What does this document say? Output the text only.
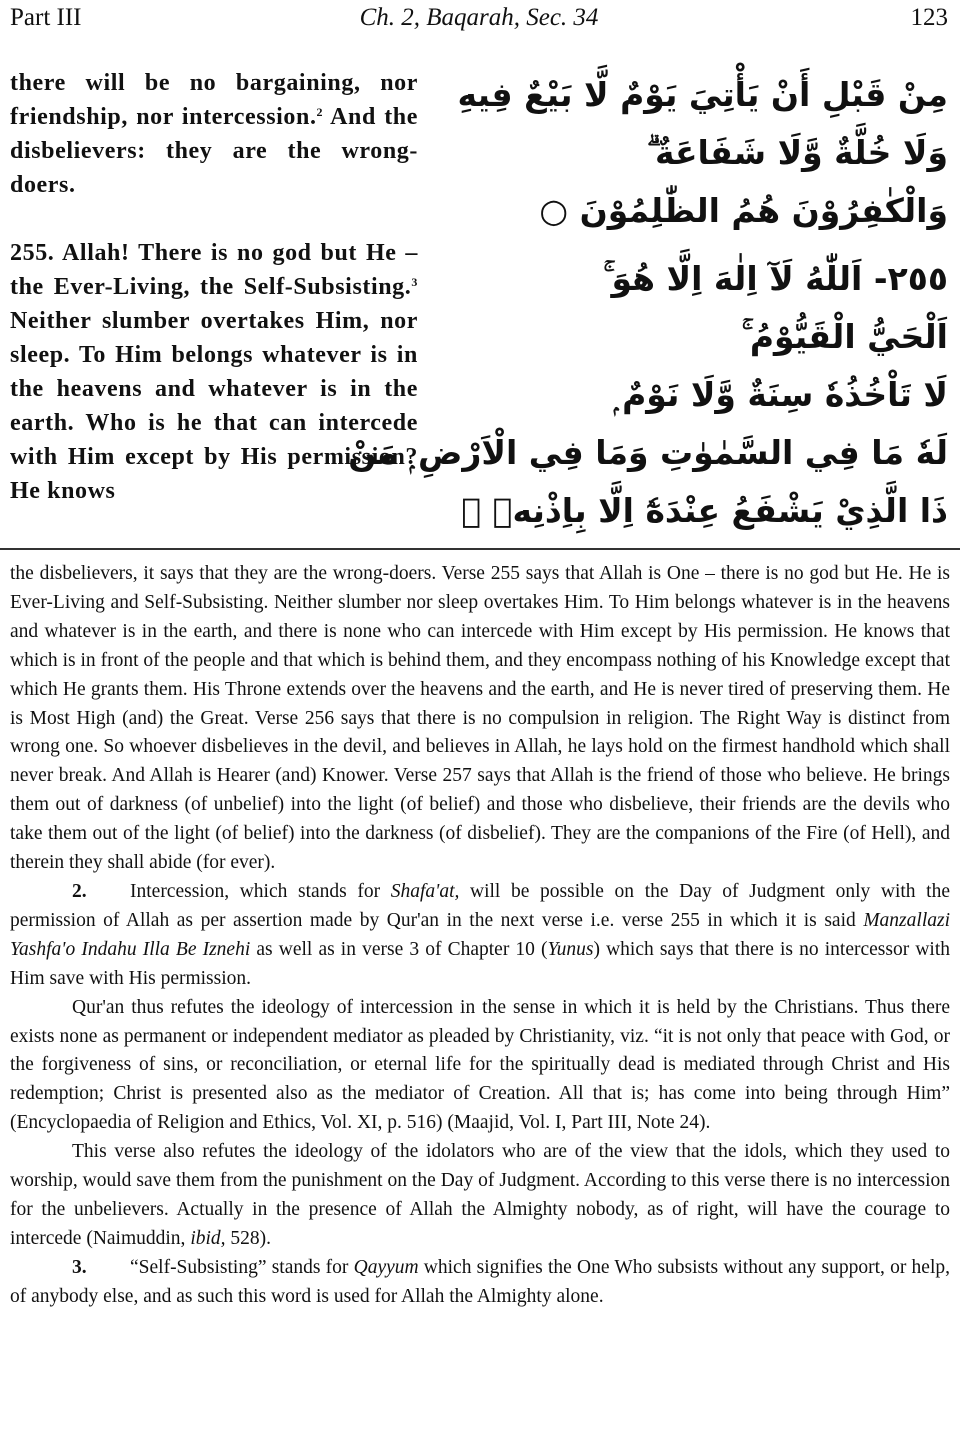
Part III	Ch. 2, Baqarah, Sec. 34	123

there will be no bargaining, nor friendship, nor intercession.$^2$ And the disbelievers: they are the wrong-doers.

255. Allah! There is no god but He – the Ever-Living, the Self-Subsisting.$^3$ Neither slumber overtakes Him, nor sleep. To Him belongs whatever is in the heavens and whatever is in the earth. Who is he that can intercede with Him except by His permission? He knows

مِنْ قَبْلِ أَنْ يَأْتِيَ يَوْمٌ لَّا بَيْعٌ فِيهِ
وَلَا خُلَّةٌ وَّلَا شَفَاعَةٌ ۗ
وَالْكٰفِرُوْنَ هُمُ الظّٰلِمُوْنَ ○
٢٥٥- اَللّٰهُ لَآ اِلٰهَ اِلَّا هُوَ ۚ
اَلْحَيُّ الْقَيُّوْمُ ۚ
لَا تَاْخُذُهٗ سِنَةٌ وَّلَا نَوْمٌ ۭ
لَهٗ مَا فِي السَّمٰوٰتِ وَمَا فِي الْاَرْضِ ۭ مَنْ
ذَا الَّذِيْ يَشْفَعُ عِنْدَهٗٓ اِلَّا بِاِذْنِهٖ ۭ

the disbelievers, it says that they are the wrong-doers. Verse 255 says that Allah is One – there is no god but He. He is Ever-Living and Self-Subsisting. Neither slumber nor sleep overtakes Him. To Him belongs whatever is in the heavens and whatever is in the earth, and there is none who can intercede with Him except by His permission. He knows that which is in front of the people and that which is behind them, and they encompass nothing of his Knowledge except that which He grants them. His Throne extends over the heavens and the earth, and He is never tired of preserving them. He is Most High (and) the Great. Verse 256 says that there is no compulsion in religion. The Right Way is distinct from wrong one. So whoever disbelieves in the devil, and believes in Allah, he lays hold on the firmest handhold which shall never break. And Allah is Hearer (and) Knower. Verse 257 says that Allah is the friend of those who believe. He brings them out of darkness (of unbelief) into the light (of belief) and those who disbelieve, their friends are the devils who take them out of the light (of belief) into the darkness (of disbelief). They are the companions of the Fire (of Hell), and therein they shall abide (for ever).

2. Intercession, which stands for Shafa'at, will be possible on the Day of Judgment only with the permission of Allah as per assertion made by Qur'an in the next verse i.e. verse 255 in which it is said Manzallazi Yashfa'o Indahu Illa Be Iznehi as well as in verse 3 of Chapter 10 (Yunus) which says that there is no intercessor with Him save with His permission.

Qur'an thus refutes the ideology of intercession in the sense in which it is held by the Christians. Thus there exists none as permanent or independent mediator as pleaded by Christianity, viz. “it is not only that peace with God, or the forgiveness of sins, or reconciliation, or eternal life for the spiritually dead is mediated through Christ and His redemption; Christ is presented also as the mediator of Creation. All that is; has come into being through Him” (Encyclopaedia of Religion and Ethics, Vol. XI, p. 516) (Maajid, Vol. I, Part III, Note 24).

This verse also refutes the ideology of the idolators who are of the view that the idols, which they used to worship, would save them from the punishment on the Day of Judgment. According to this verse there is no intercession for the unbelievers. Actually in the presence of Allah the Almighty nobody, as of right, will have the courage to intercede (Naimuddin, ibid, 528).

3. “Self-Subsisting” stands for Qayyum which signifies the One Who subsists without any support, or help, of anybody else, and as such this word is used for Allah the Almighty alone.
